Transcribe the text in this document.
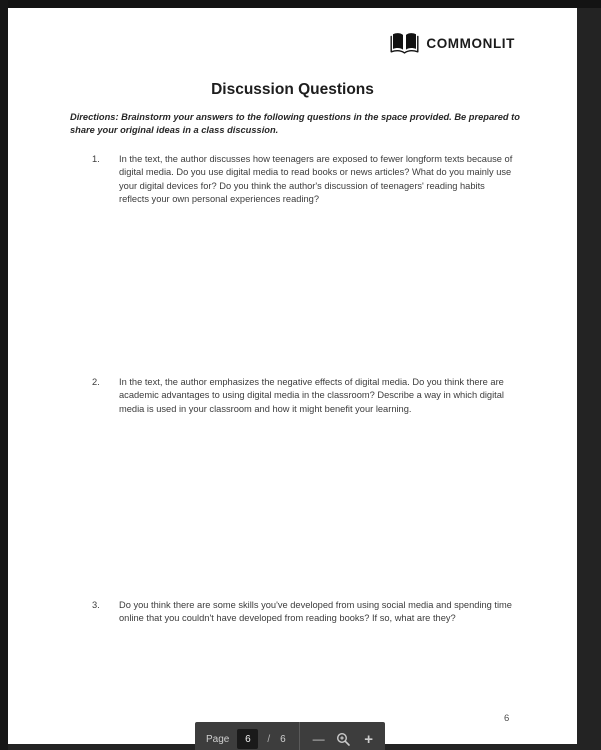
COMMONLIT
Discussion Questions

Directions: Brainstorm your answers to the following questions in the space provided. Be prepared to share your original ideas in a class discussion.

1.	In the text, the author discusses how teenagers are exposed to fewer longform texts because of digital media. Do you use digital media to read books or news articles? What do you mainly use your digital devices for? Do you think the author's discussion of teenagers' reading habits reflects your own personal experiences reading?
2.	In the text, the author emphasizes the negative effects of digital media. Do you think there are academic advantages to using digital media in the classroom? Describe a way in which digital media is used in your classroom and how it might benefit your learning.
3.	Do you think there are some skills you've developed from using social media and spending time online that you couldn't have developed from reading books? If so, what are they?
6
Page
6	/ 6 —	+
